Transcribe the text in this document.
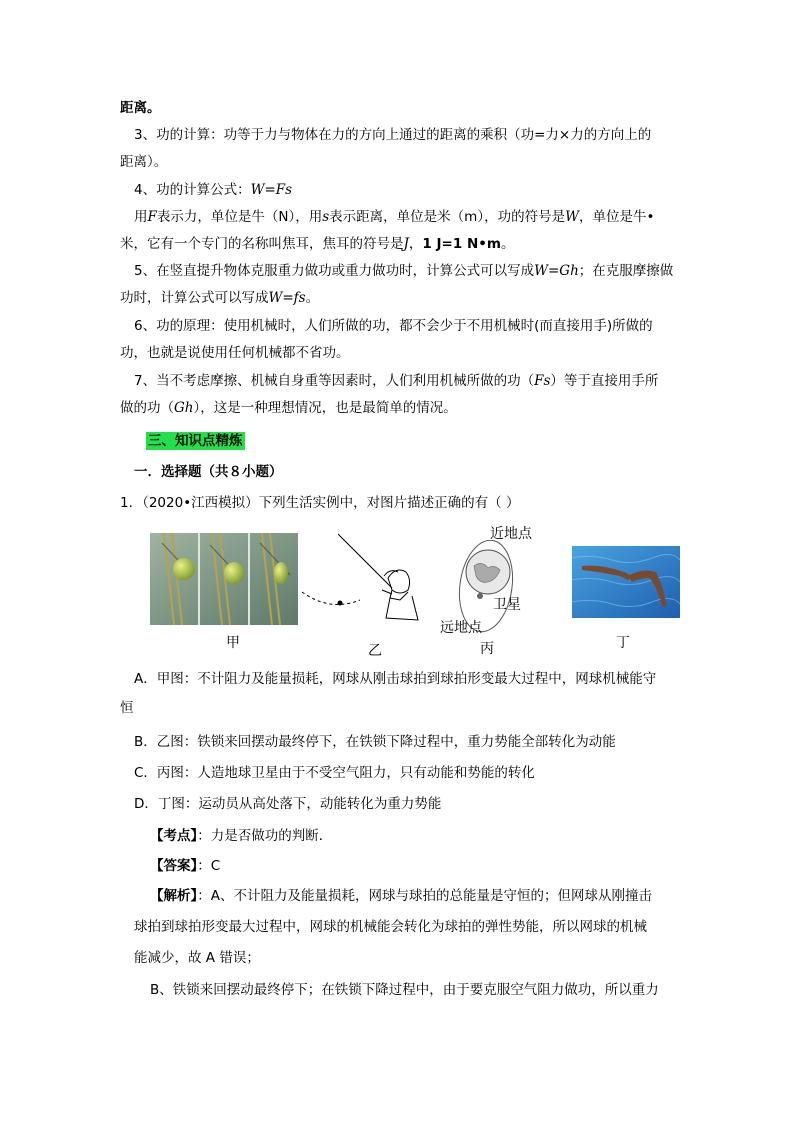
距离。
3、功的计算：功等于力与物体在力的方向上通过的距离的乘积（功=力×力的方向上的
距离）。
4、功的计算公式：W=Fs
用F表示力，单位是牛（N），用s表示距离，单位是米（m），功的符号是W，单位是牛•
米，它有一个专门的名称叫焦耳，焦耳的符号是J，1 J=1 N•m。
5、在竖直提升物体克服重力做功或重力做功时，计算公式可以写成W=Gh；在克服摩擦做
功时，计算公式可以写成W=fs。
6、功的原理：使用机械时，人们所做的功，都不会少于不用机械时(而直接用手)所做的
功，也就是说使用任何机械都不省功。
7、当不考虑摩擦、机械自身重等因素时，人们利用机械所做的功（Fs）等于直接用手所
做的功（Gh），这是一种理想情况，也是最简单的情况。
三、知识点精炼
一．选择题（共８小题）
1．（2020•江西模拟）下列生活实例中，对图片描述正确的有（ ）
甲	乙
近地点
卫星
远地点
丙	丁
A．甲图：不计阻力及能量损耗，网球从刚击球拍到球拍形变最大过程中，网球机械能守
恒
B．乙图：铁锁来回摆动最终停下，在铁锁下降过程中，重力势能全部转化为动能
C．丙图：人造地球卫星由于不受空气阻力，只有动能和势能的转化
D．丁图：运动员从高处落下，动能转化为重力势能
【考点】：力是否做功的判断．
【答案】：C
【解析】：A、不计阻力及能量损耗，网球与球拍的总能量是守恒的；但网球从刚撞击
球拍到球拍形变最大过程中，网球的机械能会转化为球拍的弹性势能，所以网球的机械
能减少，故 A 错误；
B、铁锁来回摆动最终停下；在铁锁下降过程中，由于要克服空气阻力做功，所以重力
